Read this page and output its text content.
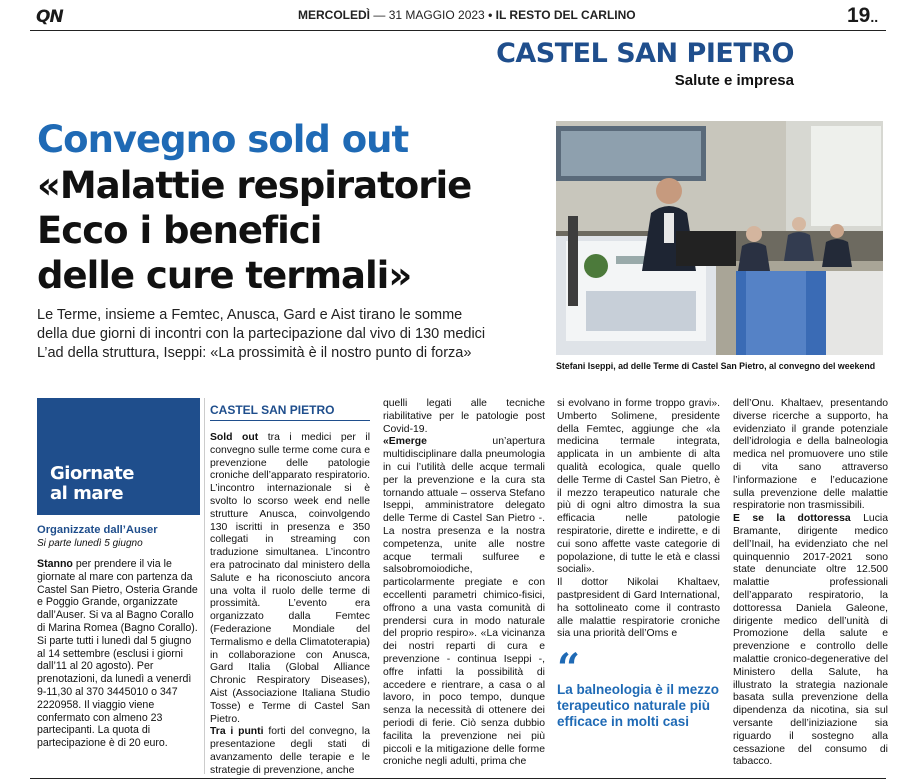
QN	MERCOLEDÌ — 31 MAGGIO 2023 • IL RESTO DEL CARLINO	19..
CASTEL SAN PIETRO
Salute e impresa
Convegno sold out
«Malattie respiratorie
Ecco i benefici
delle cure termali»
Le Terme, insieme a Femtec, Anusca, Gard e Aist tirano le somme
della due giorni di incontri con la partecipazione dal vivo di 130 medici
L’ad della struttura, Iseppi: «La prossimità è il nostro punto di forza»
Stefani Iseppi, ad delle Terme di Castel San Pietro, al convegno del weekend
Giornate
al mare
Organizzate dall’Auser
Si parte lunedì 5 giugno
Stanno per prendere il via le giornate al mare con partenza da Castel San Pietro, Osteria Grande e Poggio Grande, organizzate dall’Auser. Si va al Bagno Corallo di Marina Romea (Bagno Corallo). Si parte tutti i lunedì dal 5 giugno al 14 settembre (esclusi i giorni dall’11 al 20 agosto). Per prenotazioni, da lunedì a venerdì 9-11,30 al 370 3445010 o 347 2220958. Il viaggio viene confermato con almeno 23 partecipanti. La quota di partecipazione è di 20 euro.
CASTEL SAN PIETRO
Sold out tra i medici per il convegno sulle terme come cura e prevenzione delle patologie croniche dell’apparato respiratorio. L’incontro internazionale si è svolto lo scorso week end nelle strutture Anusca, coinvolgendo 130 iscritti in presenza e 350 collegati in streaming con traduzione simultanea. L’incontro era patrocinato dal ministero della Salute e ha riconosciuto ancora una volta il ruolo delle terme di prossimità. L’evento era organizzato dalla Femtec (Federazione Mondiale del Termalismo e della Climatoterapia) in collaborazione con Anusca, Gard Italia (Global Alliance Chronic Respiratory Diseases), Aist (Associazione Italiana Studio Tosse) e Terme di Castel San Pietro.
Tra i punti forti del convegno, la presentazione degli stati di avanzamento delle terapie e le strategie di prevenzione, anche
quelli legati alle tecniche riabilitative per le patologie post Covid-19.
«Emerge un’apertura multidisciplinare dalla pneumologia in cui l’utilità delle acque termali per la prevenzione e la cura sta tornando attuale – osserva Stefano Iseppi, amministratore delegato delle Terme di Castel San Pietro -. La nostra presenza e la nostra competenza, unite alle nostre acque termali sulfuree e salsobromoiodiche, particolarmente pregiate e con eccellenti parametri chimico-fisici, offrono a una vasta comunità di prendersi cura in modo naturale del proprio respiro». «La vicinanza dei nostri reparti di cura e prevenzione - continua Iseppi -, offre infatti la possibilità di accedere e rientrare, a casa o al lavoro, in poco tempo, dunque senza la necessità di ottenere dei periodi di ferie. Ciò senza dubbio facilita la prevenzione nei più piccoli e la mitigazione delle forme croniche negli adulti, prima che
si evolvano in forme troppo gravi». Umberto Solimene, presidente della Femtec, aggiunge che «la medicina termale integrata, applicata in un ambiente di alta qualità ecologica, quale quello delle Terme di Castel San Pietro, è il mezzo terapeutico naturale che più di ogni altro dimostra la sua efficacia nelle patologie respiratorie, dirette e indirette, e di cui sono affette vaste categorie di popolazione, di tutte le età e classi sociali».
Il dottor Nikolai Khaltaev, pastpresident di Gard International, ha sottolineato come il contrasto alle malattie respiratorie croniche sia una priorità dell’Oms e
“
La balneologia è il mezzo terapeutico naturale più efficace in molti casi
dell’Onu. Khaltaev, presentando diverse ricerche a supporto, ha evidenziato il grande potenziale dell’idrologia e della balneologia medica nel promuovere uno stile di vita sano attraverso l’informazione e l’educazione sulla prevenzione delle malattie respiratorie non trasmissibili.
E se la dottoressa Lucia Bramante, dirigente medico dell’Inail, ha evidenziato che nel quinquennio 2017-2021 sono state denunciate oltre 12.500 malattie professionali dell’apparato respiratorio, la dottoressa Daniela Galeone, dirigente medico dell’unità di Promozione della salute e prevenzione e controllo delle malattie cronico-degenerative del Ministero della Salute, ha illustrato la strategia nazionale basata sulla prevenzione della dipendenza da nicotina, sia sul versante dell’iniziazione sia riguardo il sostegno alla cessazione del consumo di tabacco.
